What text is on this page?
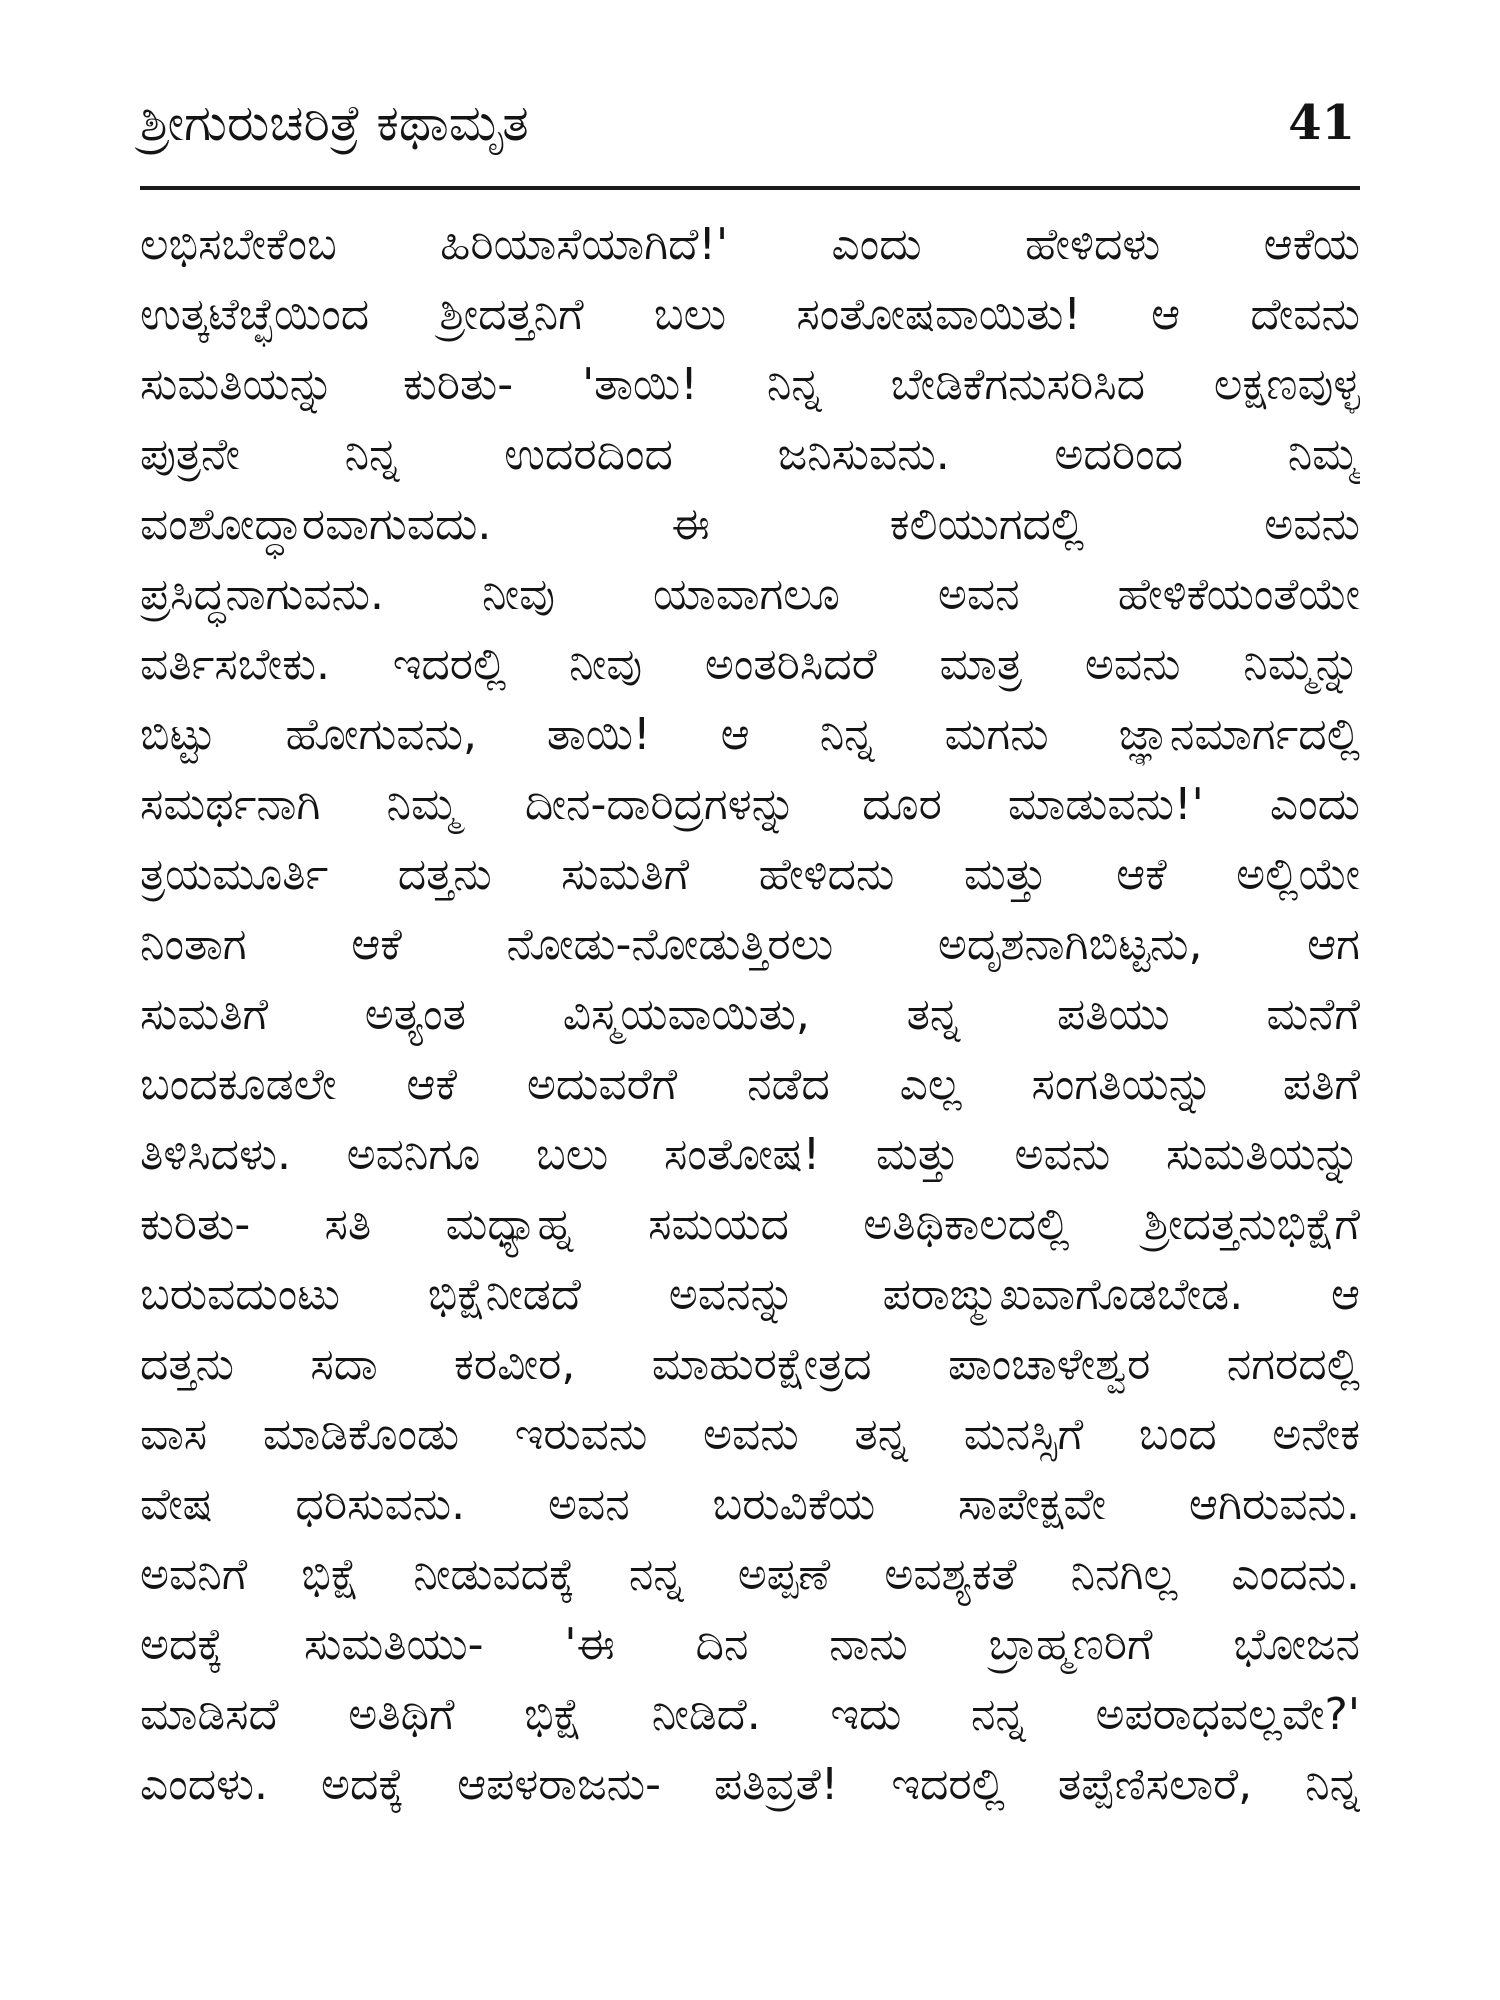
ಶ್ರೀಗುರುಚರಿತ್ರೆ ಕಥಾಮೃತ	41
ಲಭಿಸಬೇಕೆಂಬ ಹಿರಿಯಾಸೆಯಾಗಿದೆ!' ಎಂದು ಹೇಳಿದಳು ಆಕೆಯ
ಉತ್ಕಟೆಚ್ಛೆಯಿಂದ ಶ್ರೀದತ್ತನಿಗೆ ಬಲು ಸಂತೋಷವಾಯಿತು! ಆ ದೇವನು
ಸುಮತಿಯನ್ನು ಕುರಿತು- 'ತಾಯಿ! ನಿನ್ನ ಬೇಡಿಕೆಗನುಸರಿಸಿದ ಲಕ್ಷಣವುಳ್ಳ
ಪುತ್ರನೇ ನಿನ್ನ ಉದರದಿಂದ ಜನಿಸುವನು. ಅದರಿಂದ ನಿಮ್ಮ
ವಂಶೋದ್ಧಾರವಾಗುವದು. ಈ ಕಲಿಯುಗದಲ್ಲಿ ಅವನು
ಪ್ರಸಿದ್ಧನಾಗುವನು. ನೀವು ಯಾವಾಗಲೂ ಅವನ ಹೇಳಿಕೆಯಂತೆಯೇ
ವರ್ತಿಸಬೇಕು. ಇದರಲ್ಲಿ ನೀವು ಅಂತರಿಸಿದರೆ ಮಾತ್ರ ಅವನು ನಿಮ್ಮನ್ನು
ಬಿಟ್ಟು ಹೋಗುವನು, ತಾಯಿ! ಆ ನಿನ್ನ ಮಗನು ಜ್ಞಾನಮಾರ್ಗದಲ್ಲಿ
ಸಮರ್ಥನಾಗಿ ನಿಮ್ಮ ದೀನ-ದಾರಿದ್ರಗಳನ್ನು ದೂರ ಮಾಡುವನು!' ಎಂದು
ತ್ರಯಮೂರ್ತಿ ದತ್ತನು ಸುಮತಿಗೆ ಹೇಳಿದನು ಮತ್ತು ಆಕೆ ಅಲ್ಲಿಯೇ
ನಿಂತಾಗ ಆಕೆ ನೋಡು-ನೋಡುತ್ತಿರಲು ಅದೃಶನಾಗಿಬಿಟ್ಟನು, ಆಗ
ಸುಮತಿಗೆ ಅತ್ಯಂತ ವಿಸ್ಮಯವಾಯಿತು, ತನ್ನ ಪತಿಯು ಮನೆಗೆ
ಬಂದಕೂಡಲೇ ಆಕೆ ಅದುವರೆಗೆ ನಡೆದ ಎಲ್ಲ ಸಂಗತಿಯನ್ನು ಪತಿಗೆ
ತಿಳಿಸಿದಳು. ಅವನಿಗೂ ಬಲು ಸಂತೋಷ! ಮತ್ತು ಅವನು ಸುಮತಿಯನ್ನು
ಕುರಿತು- ಸತಿ ಮಧ್ಯಾಹ್ನ ಸಮಯದ ಅತಿಥಿಕಾಲದಲ್ಲಿ ಶ್ರೀದತ್ತನುಭಿಕ್ಷೆಗೆ
ಬರುವದುಂಟು ಭಿಕ್ಷೆನೀಡದೆ ಅವನನ್ನು ಪರಾಙ್ಮುಖವಾಗೊಡಬೇಡ. ಆ
ದತ್ತನು ಸದಾ ಕರವೀರ, ಮಾಹುರಕ್ಷೇತ್ರದ ಪಾಂಚಾಳೇಶ್ವರ ನಗರದಲ್ಲಿ
ವಾಸ ಮಾಡಿಕೊಂಡು ಇರುವನು ಅವನು ತನ್ನ ಮನಸ್ಸಿಗೆ ಬಂದ ಅನೇಕ
ವೇಷ ಧರಿಸುವನು. ಅವನ ಬರುವಿಕೆಯ ಸಾಪೇಕ್ಷವೇ ಆಗಿರುವನು.
ಅವನಿಗೆ ಭಿಕ್ಷೆ ನೀಡುವದಕ್ಕೆ ನನ್ನ ಅಪ್ಪಣೆ ಅವಶ್ಯಕತೆ ನಿನಗಿಲ್ಲ ಎಂದನು.
ಅದಕ್ಕೆ ಸುಮತಿಯು- 'ಈ ದಿನ ನಾನು ಬ್ರಾಹ್ಮಣರಿಗೆ ಭೋಜನ
ಮಾಡಿಸದೆ ಅತಿಥಿಗೆ ಭಿಕ್ಷೆ ನೀಡಿದೆ. ಇದು ನನ್ನ ಅಪರಾಧವಲ್ಲವೇ?'
ಎಂದಳು. ಅದಕ್ಕೆ ಆಪಳರಾಜನು- ಪತಿವ್ರತೆ! ಇದರಲ್ಲಿ ತಪ್ಪೆಣಿಸಲಾರೆ, ನಿನ್ನ
